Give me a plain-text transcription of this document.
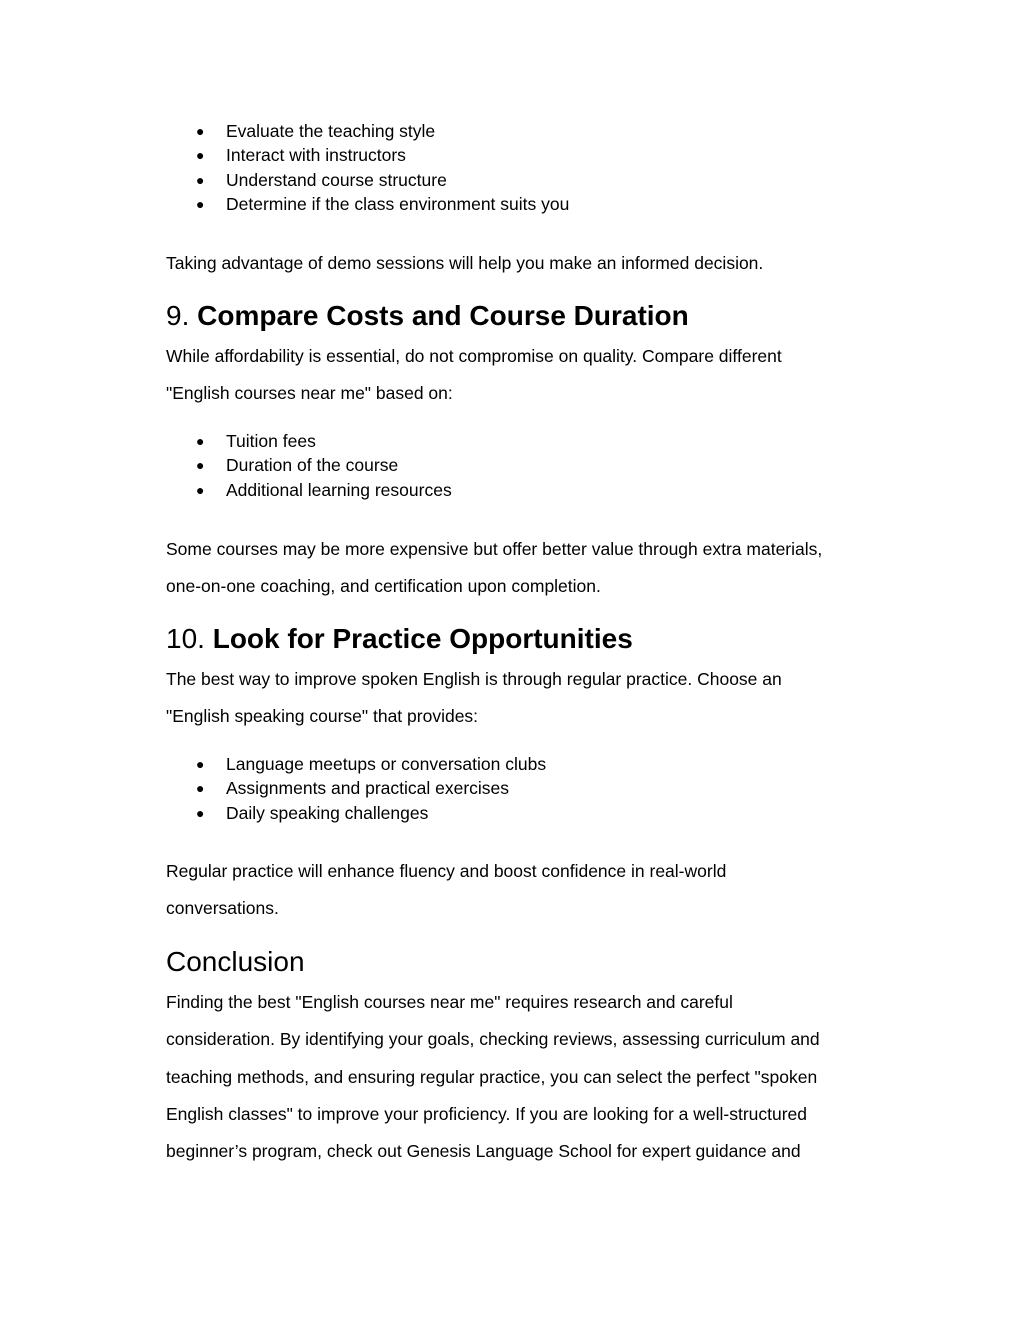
● Evaluate the teaching style
● Interact with instructors
● Understand course structure
● Determine if the class environment suits you

Taking advantage of demo sessions will help you make an informed decision.

9. Compare Costs and Course Duration

While affordability is essential, do not compromise on quality. Compare different

"English courses near me" based on:

● Tuition fees
● Duration of the course
● Additional learning resources

Some courses may be more expensive but offer better value through extra materials,

one-on-one coaching, and certification upon completion.

10. Look for Practice Opportunities

The best way to improve spoken English is through regular practice. Choose an

"English speaking course" that provides:

● Language meetups or conversation clubs
● Assignments and practical exercises
● Daily speaking challenges

Regular practice will enhance fluency and boost confidence in real-world

conversations.

Conclusion

Finding the best "English courses near me" requires research and careful

consideration. By identifying your goals, checking reviews, assessing curriculum and

teaching methods, and ensuring regular practice, you can select the perfect "spoken

English classes" to improve your proficiency. If you are looking for a well-structured

beginner’s program, check out Genesis Language School for expert guidance and
